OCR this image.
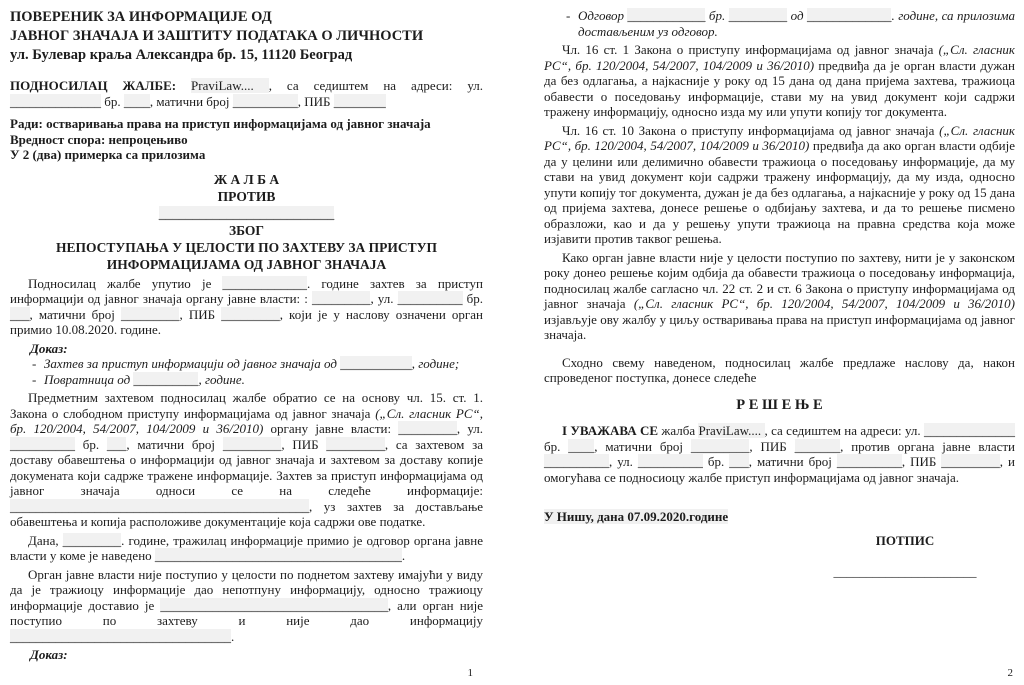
ПОВЕРЕНИК ЗА ИНФОРМАЦИЈЕ ОД
ЈАВНОГ ЗНАЧАЈА И ЗАШТИТУ ПОДАТАКА О ЛИЧНОСТИ
ул. Булевар краља Александра бр. 15, 11120 Београд

ПОДНОСИЛАЦ ЖАЛБЕ: PraviLaw.... , са седиштем на адреси: ул. ______________ бр. ____, матични број __________, ПИБ ________

Ради: остваривања права на приступ информацијама од јавног значаја
Вредност спора: непроцењиво
У 2 (два) примерка са прилозима
Ж А Л Б А
ПРОТИВ
__________________________
ЗБОГ
НЕПОСТУПАЊА У ЦЕЛОСТИ ПО ЗАХТЕВУ ЗА ПРИСТУП ИНФОРМАЦИЈАМА ОД ЈАВНОГ ЗНАЧАЈА

Подносилац жалбе упутио је _____________. године захтев за приступ информацији од јавног значаја органу јавне власти: : _________, ул. __________ бр. ___, матични број _________, ПИБ _________, који је у наслову означени орган примио 10.08.2020. године.

Доказ:

- Захтев за приступ информацији од јавног значаја од ___________, године;
- Повратница од __________, године.

Предметним захтевом подносилац жалбе обратио се на основу чл. 15. ст. 1. Закона о слободном приступу информацијама од јавног значаја („Сл. гласник РС“, бр. 120/2004, 54/2007, 104/2009 и 36/2010) органу јавне власти: _________, ул. __________ бр. ___, матични број _________, ПИБ _________, са захтевом за доставу обавештења о информацији од јавног значаја и захтевом за доставу копије докумената који садрже тражене информације. Захтев за приступ информацијама од јавног значаја односи се на следеће информације: ______________________________________________, уз захтев за достављање обавештења и копија расположиве документације која садржи ове податке.

Дана, _________. године, тражилац информације примио је одговор органа јавне власти у коме је наведено ______________________________________.

Орган јавне власти није поступио у целости по поднетом захтеву имајући у виду да је тражиоцу информације дао непотпуну информацију, односно тражиоцу информације доставио је ___________________________________, али орган није поступио по захтеву и није дао информацију __________________________________.

Доказ:

1
- Одговор ____________ бр. _________ од _____________. године, са прилозима достављеним уз одговор.

Чл. 16 ст. 1 Закона о приступу информацијама од јавног значаја („Сл. гласник РС“, бр. 120/2004, 54/2007, 104/2009 и 36/2010) предвиђа да је орган власти дужан да без одлагања, а најкасније у року од 15 дана од дана пријема захтева, тражиоца обавести о поседовању информације, стави му на увид документ који садржи тражену информацију, односно изда му или упути копију тог документа.

Чл. 16 ст. 10 Закона о приступу информацијама од јавног значаја („Сл. гласник РС“, бр. 120/2004, 54/2007, 104/2009 и 36/2010) предвиђа да ако орган власти одбије да у целини или делимично обавести тражиоца о поседовању информације, да му стави на увид документ који садржи тражену информацију, да му изда, односно упути копију тог документа, дужан је да без одлагања, а најкасније у року од 15 дана од пријема захтева, донесе решење о одбијању захтева, и да то решење писмено образложи, као и да у решењу упути тражиоца на правна средства која може изјавити против таквог решења.

Како орган јавне власти није у целости поступио по захтеву, нити је у законском року донео решење којим одбија да обавести тражиоца о поседовању информација, подносилац жалбе сагласно чл. 22 ст. 2 и ст. 6 Закона о приступу информацијама од јавног значаја („Сл. гласник РС“, бр. 120/2004, 54/2007, 104/2009 и 36/2010) изјављује ову жалбу у циљу остваривања права на приступ информацијама од јавног значаја.

Сходно свему наведеном, подносилац жалбе предлаже наслову да, након спроведеног поступка, донесе следеће

Р Е Ш Е Њ Е

I УВАЖАВА СЕ жалба PraviLaw.... , са седиштем на адреси: ул. ______________ бр. ____, матични број _________, ПИБ _______, против органа јавне власти __________, ул. __________ бр. ___, матични број __________, ПИБ _________, и омогућава се подносиоцу жалбе приступ информацијама од јавног значаја.

У Нишу, дана 07.09.2020.године

ПОТПИС
______________________
2
